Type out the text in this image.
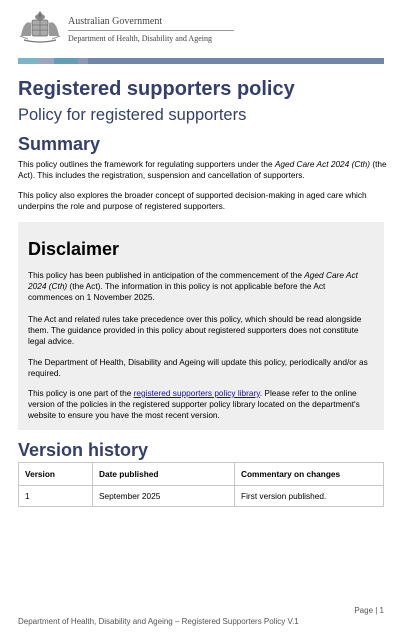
Australian Government
Department of Health, Disability and Ageing
Registered supporters policy
Policy for registered supporters
Summary

This policy outlines the framework for regulating supporters under the Aged Care Act 2024 (Cth) (the Act). This includes the registration, suspension and cancellation of supporters.

This policy also explores the broader concept of supported decision-making in aged care which underpins the role and purpose of registered supporters.

Disclaimer

This policy has been published in anticipation of the commencement of the Aged Care Act 2024 (Cth) (the Act). The information in this policy is not applicable before the Act commences on 1 November 2025.

The Act and related rules take precedence over this policy, which should be read alongside them. The guidance provided in this policy about registered supporters does not constitute legal advice.

The Department of Health, Disability and Ageing will update this policy, periodically and/or as required.

This policy is one part of the registered supporters policy library. Please refer to the online version of the policies in the registered supporter policy library located on the department's website to ensure you have the most recent version.

Version history
Version	Date published	Commentary on changes
1	September 2025	First version published.
Page | 1
Department of Health, Disability and Ageing – Registered Supporters Policy V.1
